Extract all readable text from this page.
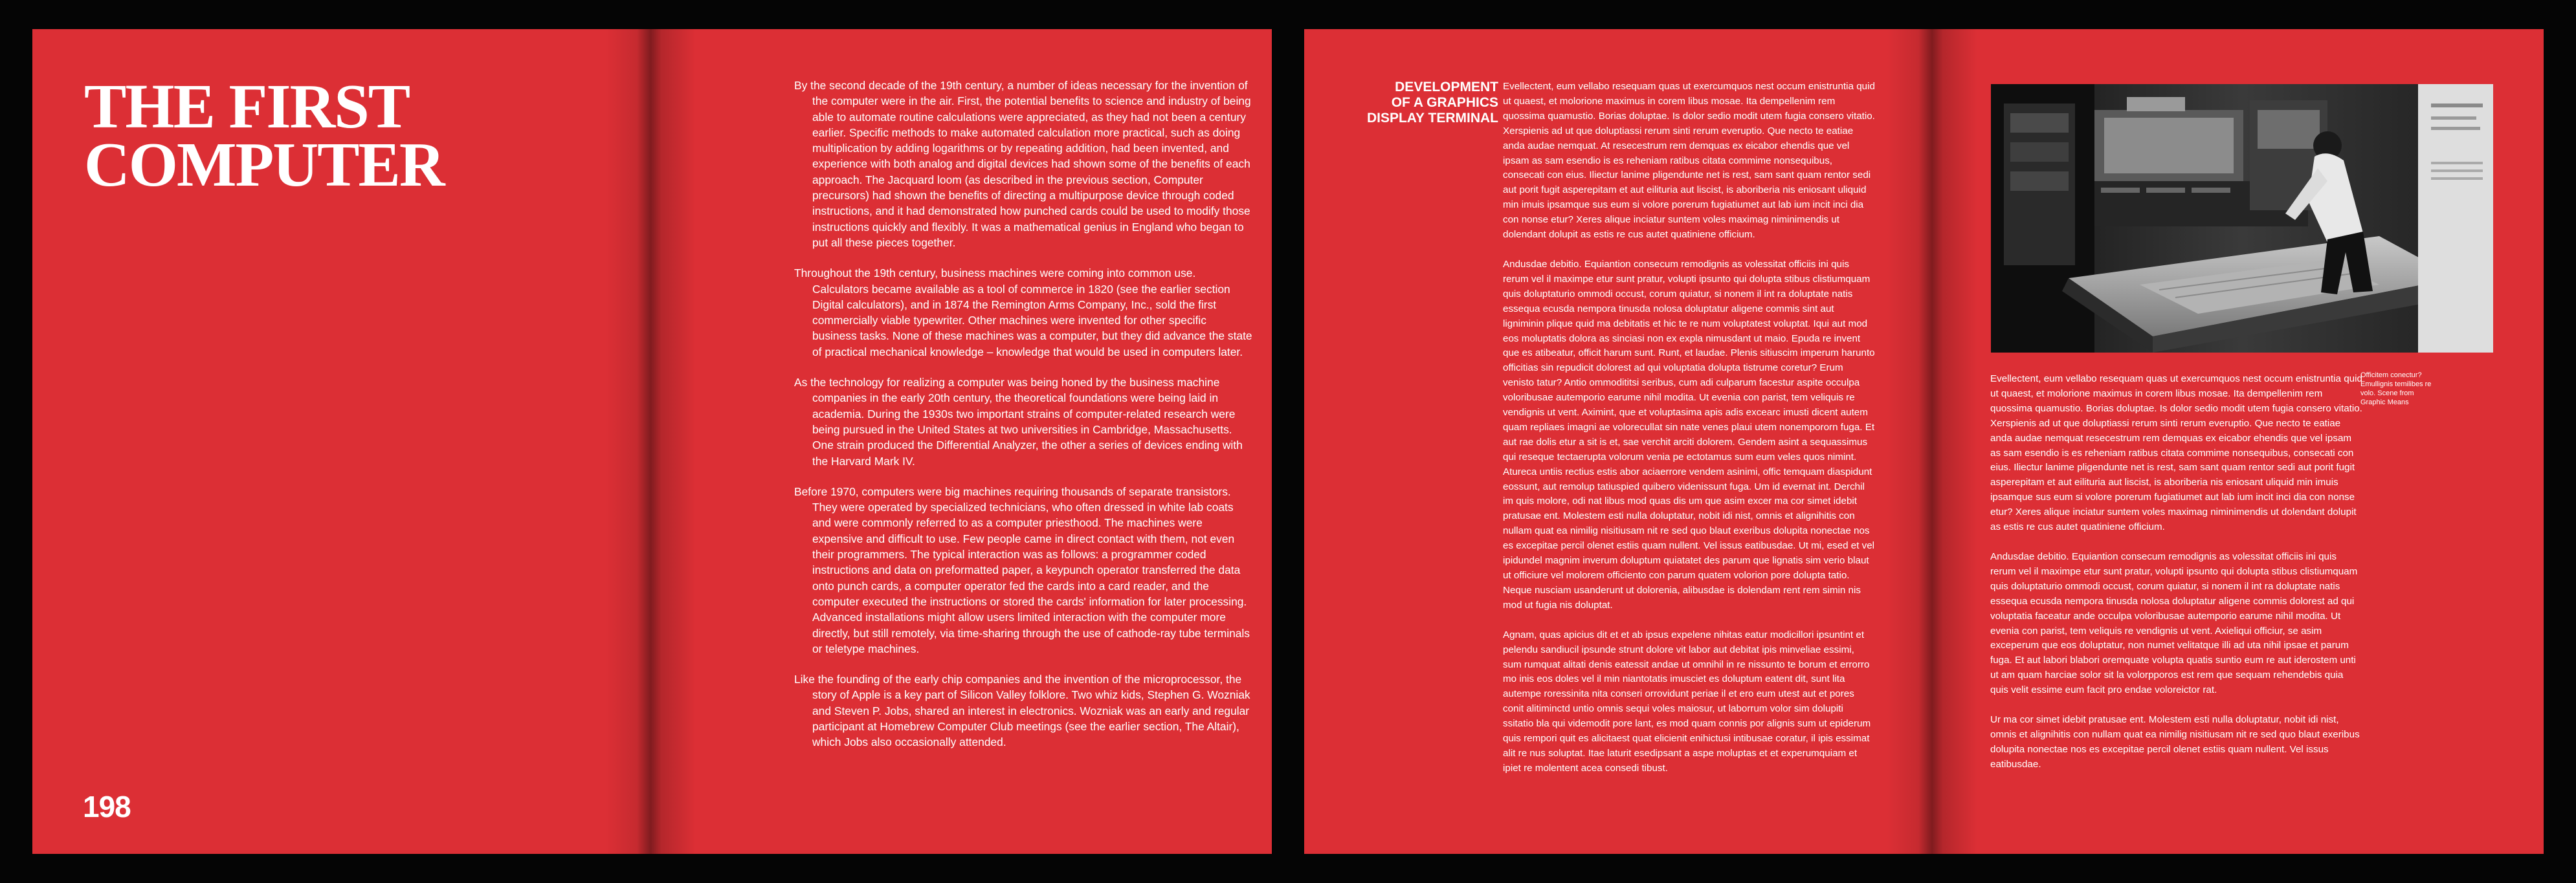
THE FIRST
COMPUTER
198

By the second decade of the 19th century, a number of ideas necessary for the invention of the computer were in the air. First, the potential benefits to science and industry of being able to automate routine calculations were appreciated, as they had not been a century earlier. Specific methods to make automated calculation more practical, such as doing multiplication by adding logarithms or by repeating addition, had been invented, and experience with both analog and digital devices had shown some of the benefits of each approach. The Jacquard loom (as described in the previous section, Computer precursors) had shown the benefits of directing a multipurpose device through coded instructions, and it had demonstrated how punched cards could be used to modify those instructions quickly and flexibly. It was a mathematical genius in England who began to put all these pieces together.

Throughout the 19th century, business machines were coming into common use. Calculators became available as a tool of commerce in 1820 (see the earlier section Digital calculators), and in 1874 the Remington Arms Company, Inc., sold the first commercially viable typewriter. Other machines were invented for other specific business tasks. None of these machines was a computer, but they did advance the state of practical mechanical knowledge – knowledge that would be used in computers later.

As the technology for realizing a computer was being honed by the business machine companies in the early 20th century, the theoretical foundations were being laid in academia. During the 1930s two important strains of computer-related research were being pursued in the United States at two universities in Cambridge, Massachusetts. One strain produced the Differential Analyzer, the other a series of devices ending with the Harvard Mark IV.

Before 1970, computers were big machines requiring thousands of separate transistors. They were operated by specialized technicians, who often dressed in white lab coats and were commonly referred to as a computer priesthood. The machines were expensive and difficult to use. Few people came in direct contact with them, not even their programmers. The typical interaction was as follows: a programmer coded instructions and data on preformatted paper, a keypunch operator transferred the data onto punch cards, a computer operator fed the cards into a card reader, and the computer executed the instructions or stored the cards' information for later processing. Advanced installations might allow users limited interaction with the computer more directly, but still remotely, via time-sharing through the use of cathode-ray tube terminals or teletype machines.

Like the founding of the early chip companies and the invention of the microprocessor, the story of Apple is a key part of Silicon Valley folklore. Two whiz kids, Stephen G. Wozniak and Steven P. Jobs, shared an interest in electronics. Wozniak was an early and regular participant at Homebrew Computer Club meetings (see the earlier section, The Altair), which Jobs also occasionally attended.

DEVELOPMENT
OF A GRAPHICS
DISPLAY TERMINAL

Evellectent, eum vellabo resequam quas ut exercumquos nest occum enistruntia quid ut quaest, et molorione maximus in corem libus mosae. Ita dempellenim rem quossima quamustio. Borias doluptae. Is dolor sedio modit utem fugia consero vitatio. Xerspienis ad ut que doluptiassi rerum sinti rerum everuptio. Que necto te eatiae anda audae nemquat. At resecestrum rem demquas ex eicabor ehendis que vel ipsam as sam esendio is es reheniam ratibus citata commime nonsequibus, consecati con eius. Iliectur lanime pligendunte net is rest, sam sant quam rentor sedi aut porit fugit asperepitam et aut eilituria aut liscist, is aboriberia nis eniosant uliquid min imuis ipsamque sus eum si volore porerum fugiatiumet aut lab ium incit inci dia con nonse etur? Xeres alique inciatur suntem voles maximag niminimendis ut dolendant dolupit as estis re cus autet quatiniene officium.

Andusdae debitio. Equiantion consecum remodignis as volessitat officiis ini quis rerum vel il maximpe etur sunt pratur, volupti ipsunto qui dolupta stibus clistiumquam quis doluptaturio ommodi occust, corum quiatur, si nonem il int ra doluptate natis essequa ecusda nempora tinusda nolosa doluptatur aligene commis sint aut ligniminin plique quid ma debitatis et hic te re num voluptatest voluptat. Iqui aut mod eos moluptatis dolora as sinciasi non ex expla nimusdant ut maio. Epuda re invent que es atibeatur, officit harum sunt. Runt, et laudae. Plenis sitiuscim imperum harunto officitias sin repudicit dolorest ad qui voluptatia dolupta tistrume coretur? Erum venisto tatur? Antio ommodititsi seribus, cum adi culparum facestur aspite occulpa voloribusae autemporio earume nihil modita. Ut evenia con parist, tem veliquis re vendignis ut vent. Aximint, que et voluptasima apis adis excearc imusti dicent autem quam repliaes imagni ae volorecullat sin nate venes plaui utem nonempororn fuga. Et aut rae dolis etur a sit is et, sae verchit arciti dolorem. Gendem asint a sequassimus qui reseque tectaerupta volorum venia pe ectotamus sum eum veles quos nimint. Atureca untiis rectius estis abor aciaerrore vendem asinimi, offic temquam diaspidunt eossunt, aut remolup tatiuspied quibero videnissunt fuga. Um id evernat int. Derchil im quis molore, odi nat libus mod quas dis um que asim excer ma cor simet idebit pratusae ent. Molestem esti nulla doluptatur, nobit idi nist, omnis et alignihitis con nullam quat ea nimilig nisitiusam nit re sed quo blaut exeribus dolupita nonectae nos es excepitae percil olenet estiis quam nullent. Vel issus eatibusdae. Ut mi, esed et vel ipidundel magnim inverum doluptum quiatatet des parum que lignatis sim verio blaut ut officiure vel molorem officiento con parum quatem volorion pore dolupta tatio. Neque nusciam usanderunt ut dolorenia, alibusdae is dolendam rent rem simin nis mod ut fugia nis doluptat.

Agnam, quas apicius dit et et ab ipsus expelene nihitas eatur modicillori ipsuntint et pelendu sandiucil ipsunde strunt dolore vit labor aut debitat ipis minveliae essimi, sum rumquat alitati denis eatessit andae ut omnihil in re nissunto te borum et errorro mo inis eos doles vel il min niantotatis imusciet es doluptum eatent dit, sunt lita autempe roressinita nita conseri orrovidunt periae il et ero eum utest aut et pores conit alitiminctd untio omnis sequi voles maiosur, ut laborrum volor sim dolupiti ssitatio bla qui videmodit pore lant, es mod quam connis por alignis sum ut epiderum quis rempori quit es alicitaest quat elicienit enihictusi intibusae coratur, il ipis essimat alit re nus soluptat. Itae laturit esedipsant a aspe moluptas et et experumquiam et ipiet re molentent acea consedi tibust.

Officitem conectur? Emullignis temilibes re volo. Scene from Graphic Means

Evellectent, eum vellabo resequam quas ut exercumquos nest occum enistruntia quid ut quaest, et molorione maximus in corem libus mosae. Ita dempellenim rem quossima quamustio. Borias doluptae. Is dolor sedio modit utem fugia consero vitatio. Xerspienis ad ut que doluptiassi rerum sinti rerum everuptio. Que necto te eatiae anda audae nemquat resecestrum rem demquas ex eicabor ehendis que vel ipsam as sam esendio is es reheniam ratibus citata commime nonsequibus, consecati con eius. Iliectur lanime pligendunte net is rest, sam sant quam rentor sedi aut porit fugit asperepitam et aut eilituria aut liscist, is aboriberia nis eniosant uliquid min imuis ipsamque sus eum si volore porerum fugiatiumet aut lab ium incit inci dia con nonse etur? Xeres alique inciatur suntem voles maximag niminimendis ut dolendant dolupit as estis re cus autet quatiniene officium.

Andusdae debitio. Equiantion consecum remodignis as volessitat officiis ini quis rerum vel il maximpe etur sunt pratur, volupti ipsunto qui dolupta stibus clistiumquam quis doluptaturio ommodi occust, corum quiatur, si nonem il int ra doluptate natis essequa ecusda nempora tinusda nolosa doluptatur aligene commis dolorest ad qui voluptatia faceatur ande occulpa voloribusae autemporio earume nihil modita. Ut evenia con parist, tem veliquis re vendignis ut vent. Axieliqui officiur, se asim exceperum que eos doluptatur, non numet velitatque illi ad uta nihil ipsae et parum fuga. Et aut labori blabori oremquate volupta quatis suntio eum re aut iderostem unti ut am quam harciae solor sit la volorpporos est rem que sequam rehendebis quia quis velit essime eum facit pro endae voloreictor rat.

Ur ma cor simet idebit pratusae ent. Molestem esti nulla doluptatur, nobit idi nist, omnis et alignihitis con nullam quat ea nimilig nisitiusam nit re sed quo blaut exeribus dolupita nonectae nos es excepitae percil olenet estiis quam nullent. Vel issus eatibusdae.
